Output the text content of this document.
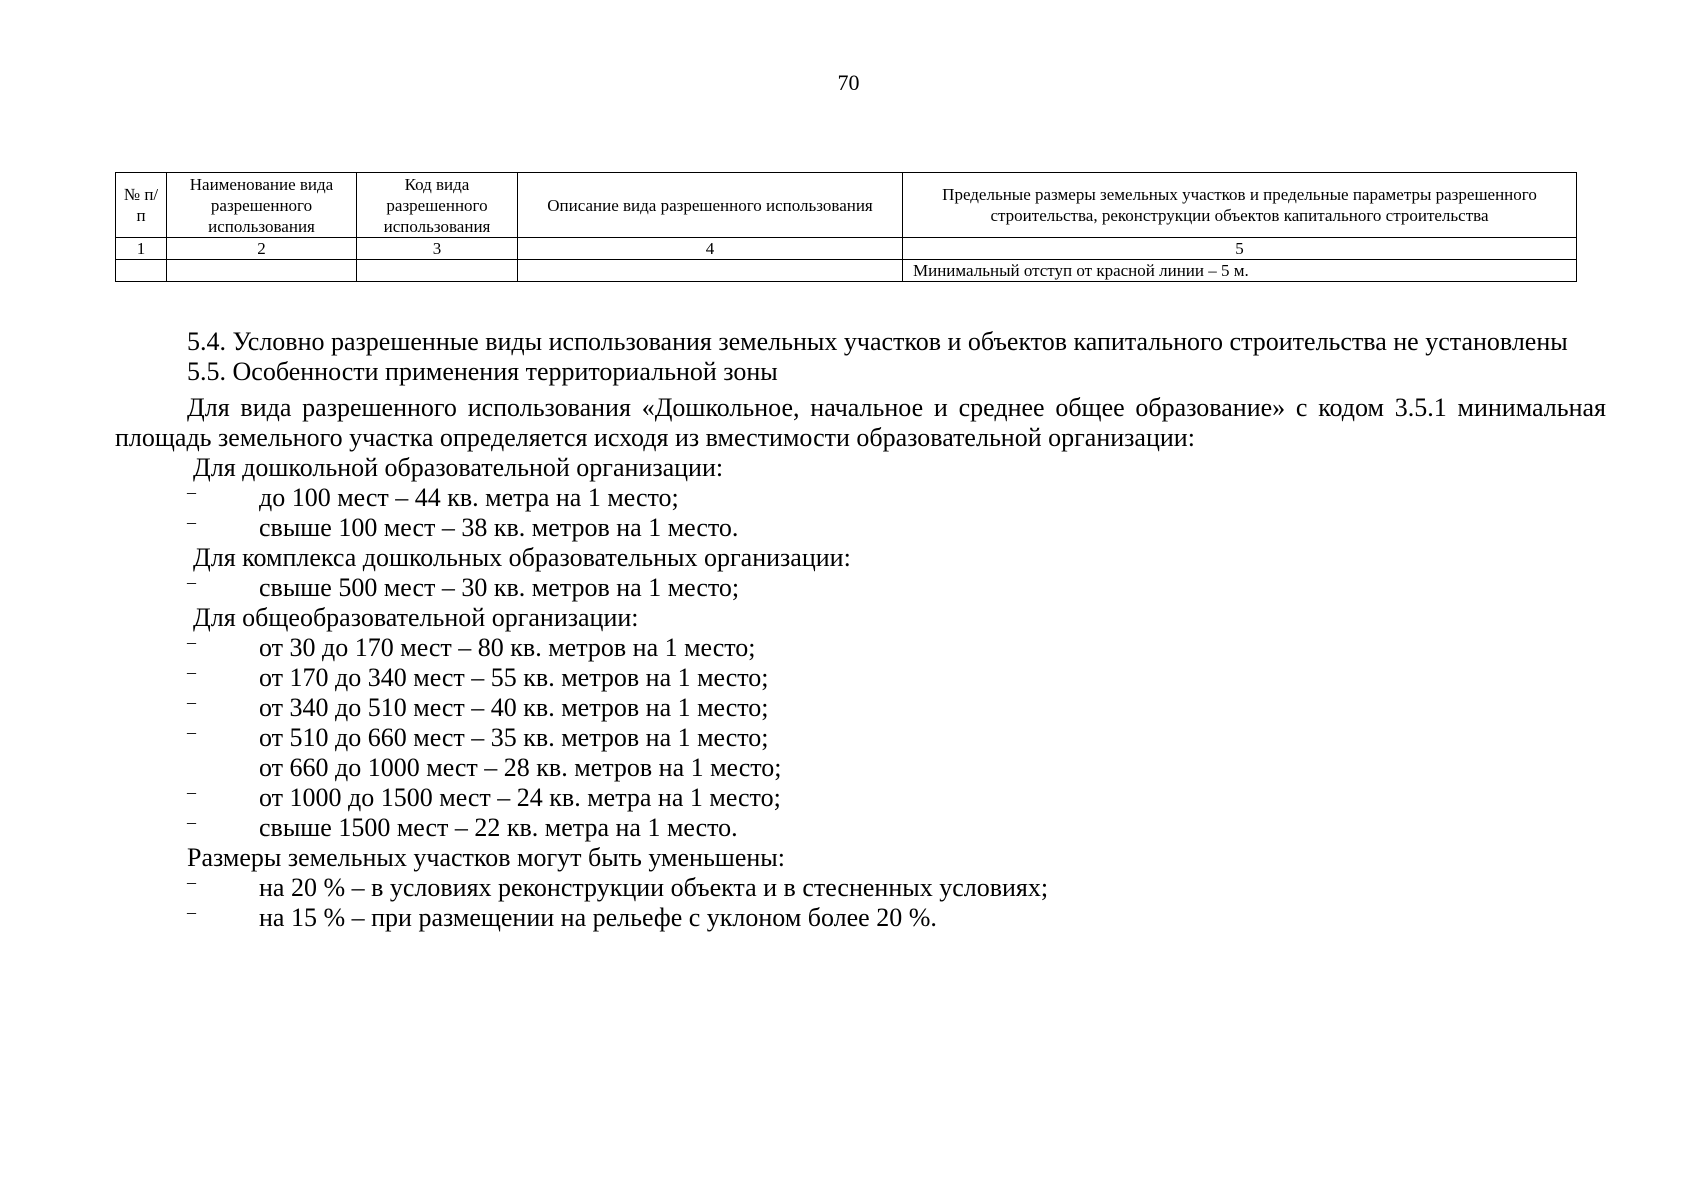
70
№ п/п	Наименование вида разрешенного использования	Код вида разрешенного использования	Описание вида разрешенного использования	Предельные размеры земельных участков и предельные параметры разрешенного строительства, реконструкции объектов капитального строительства
1	2	3	4	5
				Минимальный отступ от красной линии – 5 м.

5.4. Условно разрешенные виды использования земельных участков и объектов капитального строительства не установлены

5.5. Особенности применения территориальной зоны

Для вида разрешенного использования «Дошкольное, начальное и среднее общее образование» с кодом 3.5.1 минимальная площадь земельного участка определяется исходя из вместимости образовательной организации:

Для дошкольной образовательной организации:

– до 100 мест – 44 кв. метра на 1 место;

– свыше 100 мест – 38 кв. метров на 1 место.

Для комплекса дошкольных образовательных организации:

– свыше 500 мест – 30 кв. метров на 1 место;

Для общеобразовательной организации:

– от 30 до 170 мест – 80 кв. метров на 1 место;

– от 170 до 340 мест – 55 кв. метров на 1 место;

– от 340 до 510 мест – 40 кв. метров на 1 место;

– от 510 до 660 мест – 35 кв. метров на 1 место;

от 660 до 1000 мест – 28 кв. метров на 1 место;

– от 1000 до 1500 мест – 24 кв. метра на 1 место;

– свыше 1500 мест – 22 кв. метра на 1 место.

Размеры земельных участков могут быть уменьшены:

– на 20 % – в условиях реконструкции объекта и в стесненных условиях;

– на 15 % – при размещении на рельефе с уклоном более 20 %.
